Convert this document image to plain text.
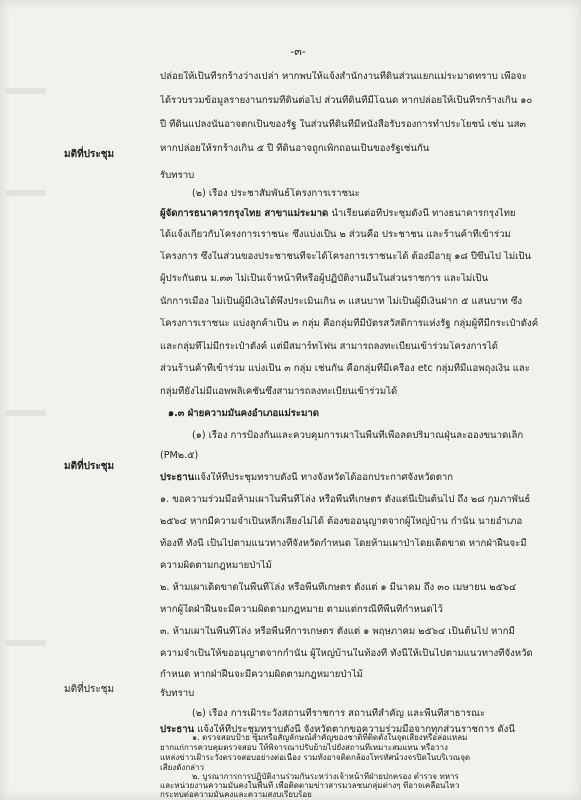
-๓-
ปล่อยให้เป็นที่รกร้างว่างเปล่า หากพบให้แจ้งสำนักงานที่ดินส่วนแยกแม่ระมาดทราบ เพื่อจะ
ได้รวบรวมข้อมูลรายงานกรมที่ดินต่อไป ส่วนที่ดินที่มีโฉนด หากปล่อยให้เป็นที่รกร้างเกิน ๑๐
ปี ที่ดินแปลงนั้นอาจตกเป็นของรัฐ ในส่วนที่ดินที่มีหนังสือรับรองการทำประโยชน์ เช่น นส๓
หากปล่อยให้รกร้างเกิน ๕ ปี ที่ดินอาจถูกเพิกถอนเป็นของรัฐเช่นกัน
มติที่ประชุม
รับทราบ
(๒) เรื่อง ประชาสัมพันธ์โครงการเราชนะ
ผู้จัดการธนาคารกรุงไทย สาขาแม่ระมาด นำเรียนต่อที่ประชุมดังนี้ ทางธนาคารกรุงไทย
ได้แจ้งเกี่ยวกับโครงการเราชนะ ซึ่งแบ่งเป็น ๒ ส่วนคือ ประชาชน และร้านค้าที่เข้าร่วม
โครงการ ซึ่งในส่วนของประชาชนที่จะได้โครงการเราชนะได้ ต้องมีอายุ ๑๘ ปีขึ้นไป ไม่เป็น
ผู้ประกันตน ม.๓๓ ไม่เป็นเจ้าหน้าที่หรือผู้ปฏิบัติงานอื่นในส่วนราชการ และไม่เป็น
นักการเมือง ไม่เป็นผู้มีเงินได้พึงประเมินเกิน ๓ แสนบาท ไม่เป็นผู้มีเงินฝาก ๕ แสนบาท ซึ่ง
โครงการเราชนะ แบ่งลูกค้าเป็น ๓ กลุ่ม คือกลุ่มที่มีบัตรสวัสดิการแห่งรัฐ กลุ่มผู้ที่มีกระเป๋าตังค์
และกลุ่มที่ไม่มีกระเป๋าตังค์ แต่มีสมาร์ทโฟน สามารถลงทะเบียนเข้าร่วมโครงการได้
ส่วนร้านค้าที่เข้าร่วม แบ่งเป็น ๓ กลุ่ม เช่นกัน คือกลุ่มที่มีเครื่อง etc กลุ่มที่มีแอพถุงเงิน และ
กลุ่มที่ยังไม่มีแอพพลิเคชั่นซึ่งสามารถลงทะเบียนเข้าร่วมได้
๑.๓ ฝ่ายความมั่นคงอำเภอแม่ระมาด
(๑) เรื่อง การป้องกันและควบคุมการเผาในพื้นที่เพื่อลดปริมาณฝุ่นละอองขนาดเล็ก
(PM๒.๕)
มติที่ประชุม
ประธานแจ้งให้ที่ประชุมทราบดังนี้ ทางจังหวัดได้ออกประกาศจังหวัดตาก
๑. ขอความร่วมมือห้ามเผาในพื้นที่โล่ง หรือพื้นที่เกษตร ตั้งแต่นี้เป็นต้นไป ถึง ๒๘ กุมภาพันธ์
๒๕๖๔ หากมีความจำเป็นหลีกเลี่ยงไม่ได้ ต้องขออนุญาตจากผู้ใหญ่บ้าน กำนัน นายอำเภอ
ท้องที่ ทั้งนี้ เป็นไปตามแนวทางที่จังหวัดกำหนด โดยห้ามเผาป่าโดยเด็ดขาด หากฝ่าฝืนจะมี
ความผิดตามกฎหมายป่าไม้
๒. ห้ามเผาเด็ดขาดในพื้นที่โล่ง หรือพื้นที่เกษตร ตั้งแต่ ๑ มีนาคม ถึง ๓๐ เมษายน ๒๕๖๔
หากผู้ใดฝ่าฝืนจะมีความผิดตามกฎหมาย ตามแต่กรณีที่พื้นที่กำหนดไว้
๓. ห้ามเผาในพื้นที่โล่ง หรือพื้นที่การเกษตร ตั้งแต่ ๑ พฤษภาคม ๒๕๖๔ เป็นต้นไป หากมี
ความจำเป็นให้ขออนุญาตจากกำนัน ผู้ใหญ่บ้านในท้องที่ ทั้งนี้ให้เป็นไปตามแนวทางที่จังหวัด
กำหนด หากฝ่าฝืนจะมีความผิดตามกฎหมายป่าไม้
มติที่ประชุม	รับทราบ
(๒) เรื่อง การเฝ้าระวังสถานที่ราชการ สถานที่สำคัญ และพื้นที่สาธารณะ
ประธาน แจ้งให้ที่ประชุมทราบดังนี้ จังหวัดตากขอความร่วมมือจากทุกส่วนราชการ ดังนี้
๑. ตรวจสอบป้าย ซุ้มหรือสัญลักษณ์สำคัญของชาติที่ติดตั้งในจุดเสี่ยงหรือล่อแหลม
ยากแก่การควบคุมตรวจสอบ ให้พิจารณาปรับย้ายไปยังสถานที่เหมาะสมแทน หรือวาง
แหล่งข่าวเฝ้าระวังตรวจสอบอย่างต่อเนื่อง รวมทั้งอาจติดกล้องโทรทัศน์วงจรปิดในบริเวณจุด
เสี่ยงดังกล่าว
๒. บูรณาการการปฏิบัติงานร่วมกันระหว่างเจ้าหน้าที่ฝ่ายปกครอง ตำรวจ ทหาร
และหน่วยงานความมั่นคงในพื้นที่ เพื่อติดตามข่าวสารมวลชนกลุ่มต่างๆ ที่อาจเคลื่อนไหว
กระทบต่อความมั่นคงและความสงบเรียบร้อย
